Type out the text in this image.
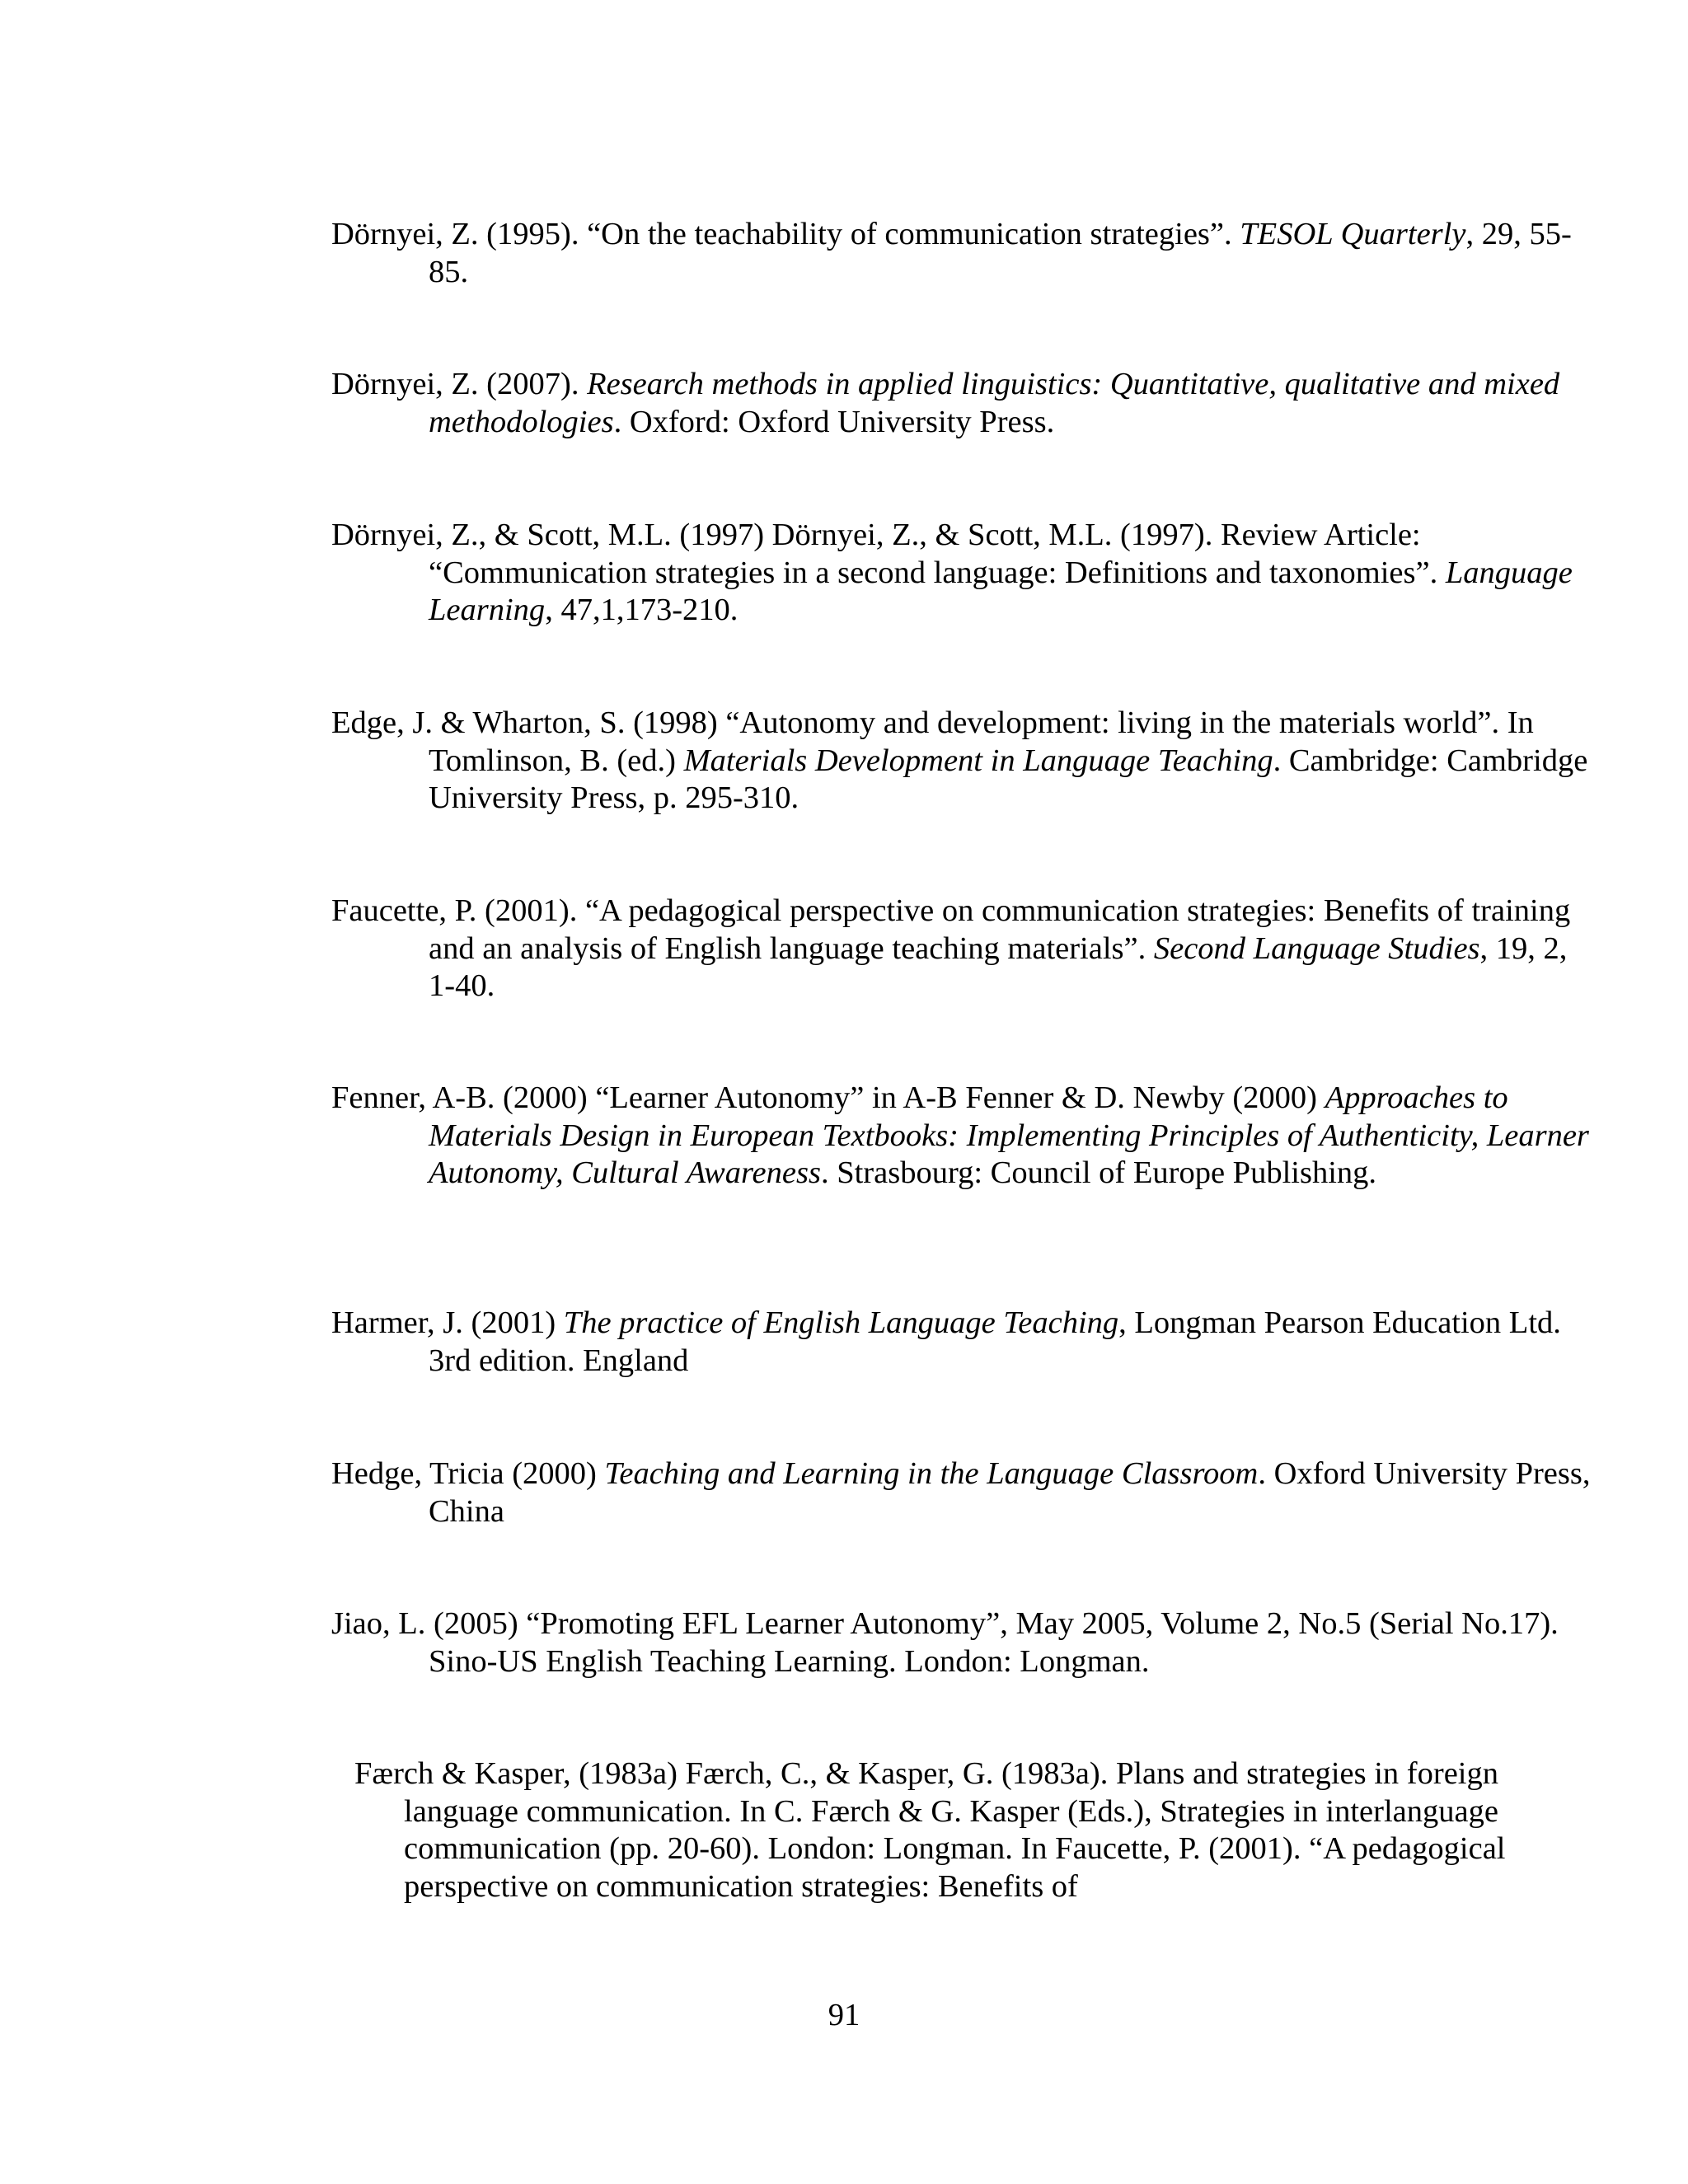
Dörnyei, Z. (1995). “On the teachability of communication strategies”. TESOL Quarterly, 29, 55-85.

Dörnyei, Z. (2007). Research methods in applied linguistics: Quantitative, qualitative and mixed methodologies. Oxford: Oxford University Press.

Dörnyei, Z., & Scott, M.L. (1997) Dörnyei, Z., & Scott, M.L. (1997). Review Article: “Communication strategies in a second language: Definitions and taxonomies”. Language Learning, 47,1,173-210.

Edge, J. & Wharton, S. (1998) “Autonomy and development: living in the materials world”. In Tomlinson, B. (ed.) Materials Development in Language Teaching. Cambridge: Cambridge University Press, p. 295-310.

Faucette, P. (2001). “A pedagogical perspective on communication strategies: Benefits of training and an analysis of English language teaching materials”. Second Language Studies, 19, 2, 1-40.

Fenner, A-B. (2000) “Learner Autonomy” in A-B Fenner & D. Newby (2000) Approaches to Materials Design in European Textbooks: Implementing Principles of Authenticity, Learner Autonomy, Cultural Awareness. Strasbourg: Council of Europe Publishing.

Harmer, J. (2001) The practice of English Language Teaching, Longman Pearson Education Ltd. 3rd edition. England

Hedge, Tricia (2000) Teaching and Learning in the Language Classroom. Oxford University Press, China

Jiao, L. (2005) “Promoting EFL Learner Autonomy”, May 2005, Volume 2, No.5 (Serial No.17). Sino-US English Teaching Learning. London: Longman.

Færch & Kasper, (1983a) Færch, C., & Kasper, G. (1983a). Plans and strategies in foreign language communication. In C. Færch & G. Kasper (Eds.), Strategies in interlanguage communication (pp. 20-60). London: Longman. In Faucette, P. (2001). “A pedagogical perspective on communication strategies: Benefits of

91
